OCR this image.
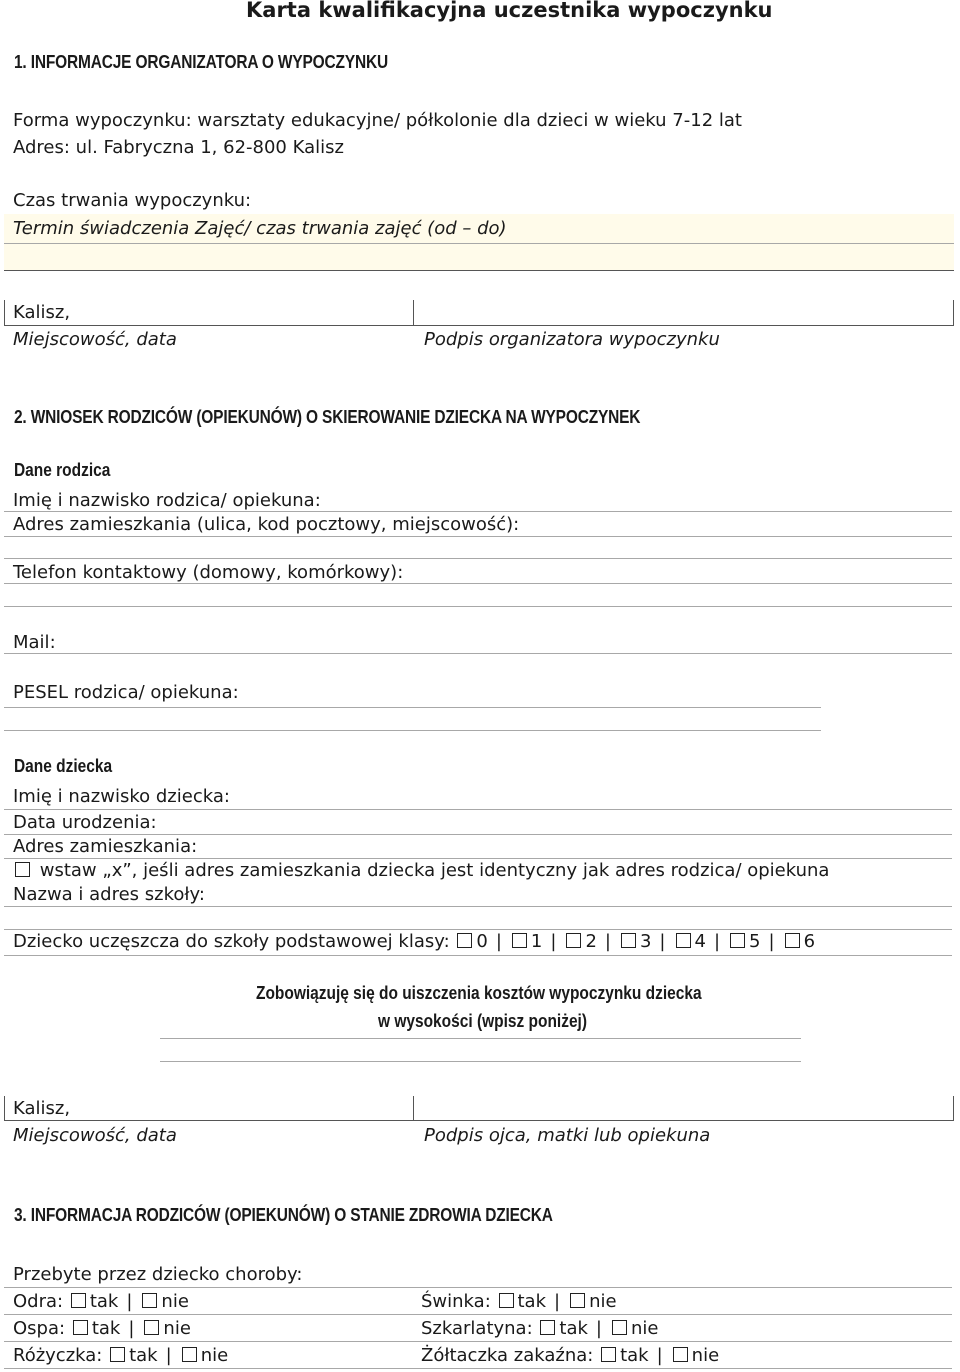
Karta kwalifikacyjna uczestnika wypoczynku
1. INFORMACJE ORGANIZATORA O WYPOCZYNKU
Forma wypoczynku: warsztaty edukacyjne/ półkolonie dla dzieci w wieku 7-12 lat
Adres: ul. Fabryczna 1, 62-800 Kalisz
Czas trwania wypoczynku:
Termin świadczenia Zajęć/ czas trwania zajęć (od – do)
Kalisz,
Miejscowość, data	Podpis organizatora wypoczynku
2. WNIOSEK RODZICÓW (OPIEKUNÓW) O SKIEROWANIE DZIECKA NA WYPOCZYNEK
Dane rodzica
Imię i nazwisko rodzica/ opiekuna:
Adres zamieszkania (ulica, kod pocztowy, miejscowość):
Telefon kontaktowy (domowy, komórkowy):
Mail:
PESEL rodzica/ opiekuna:
Dane dziecka
Imię i nazwisko dziecka:
Data urodzenia:
Adres zamieszkania:
wstaw „x”, jeśli adres zamieszkania dziecka jest identyczny jak adres rodzica/ opiekuna
Nazwa i adres szkoły:
Dziecko uczęszcza do szkoły podstawowej klasy: 0 | 1 | 2 | 3 | 4 | 5 | 6
Zobowiązuję się do uiszczenia kosztów wypoczynku dziecka
w wysokości (wpisz poniżej)
Kalisz,
Miejscowość, data	Podpis ojca, matki lub opiekuna
3. INFORMACJA RODZICÓW (OPIEKUNÓW) O STANIE ZDROWIA DZIECKA
Przebyte przez dziecko choroby:
Odra: tak | nie	Świnka: tak | nie
Ospa: tak | nie	Szkarlatyna: tak | nie
Różyczka: tak | nie	Żółtaczka zakaźna: tak | nie
